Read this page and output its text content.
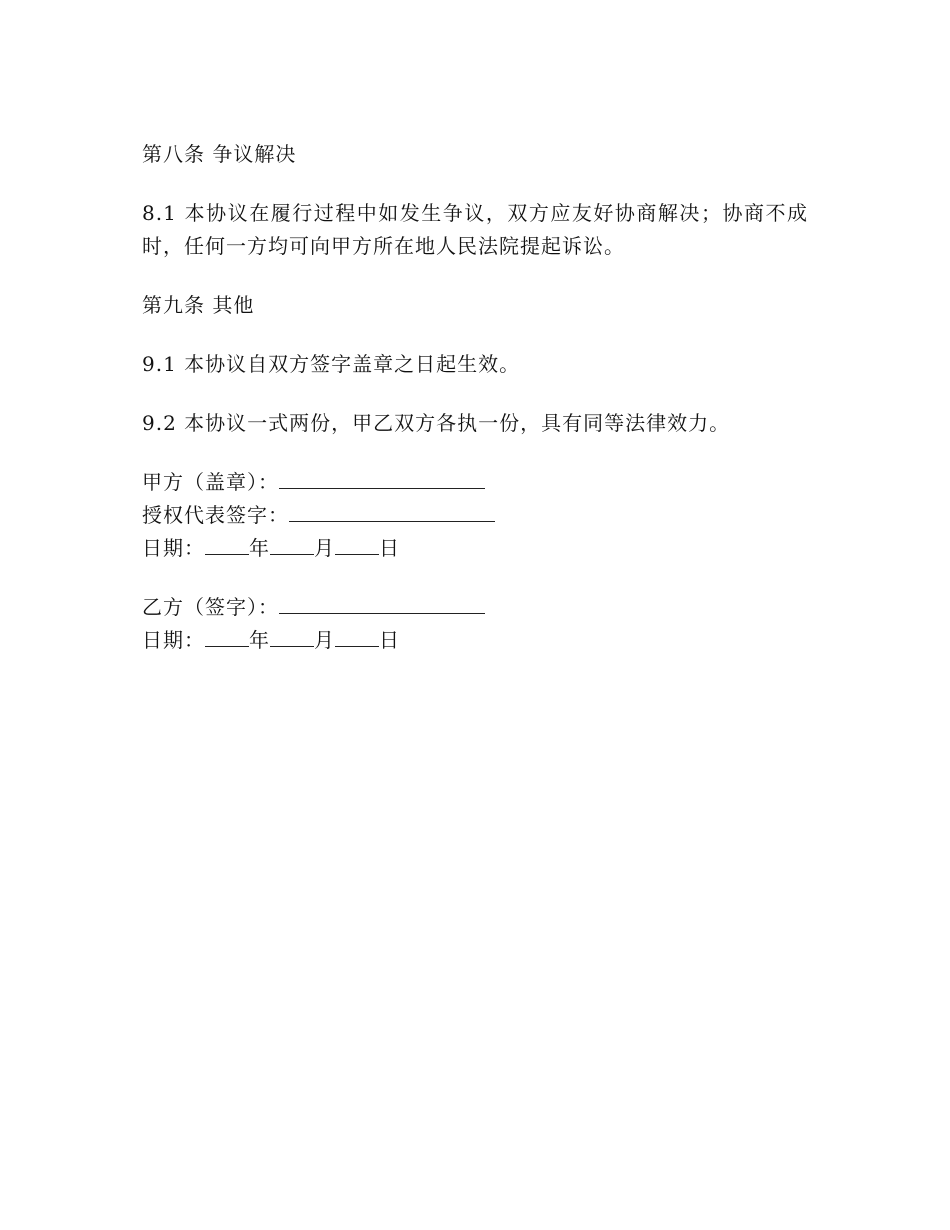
第八条 争议解决
8.1 本协议在履行过程中如发生争议，双方应友好协商解决；协商不成时，任何一方均可向甲方所在地人民法院提起诉讼。
第九条 其他
9.1 本协议自双方签字盖章之日起生效。
9.2 本协议一式两份，甲乙双方各执一份，具有同等法律效力。
甲方（盖章）：
授权代表签字：
日期： 年 月 日
乙方（签字）：
日期： 年 月 日
